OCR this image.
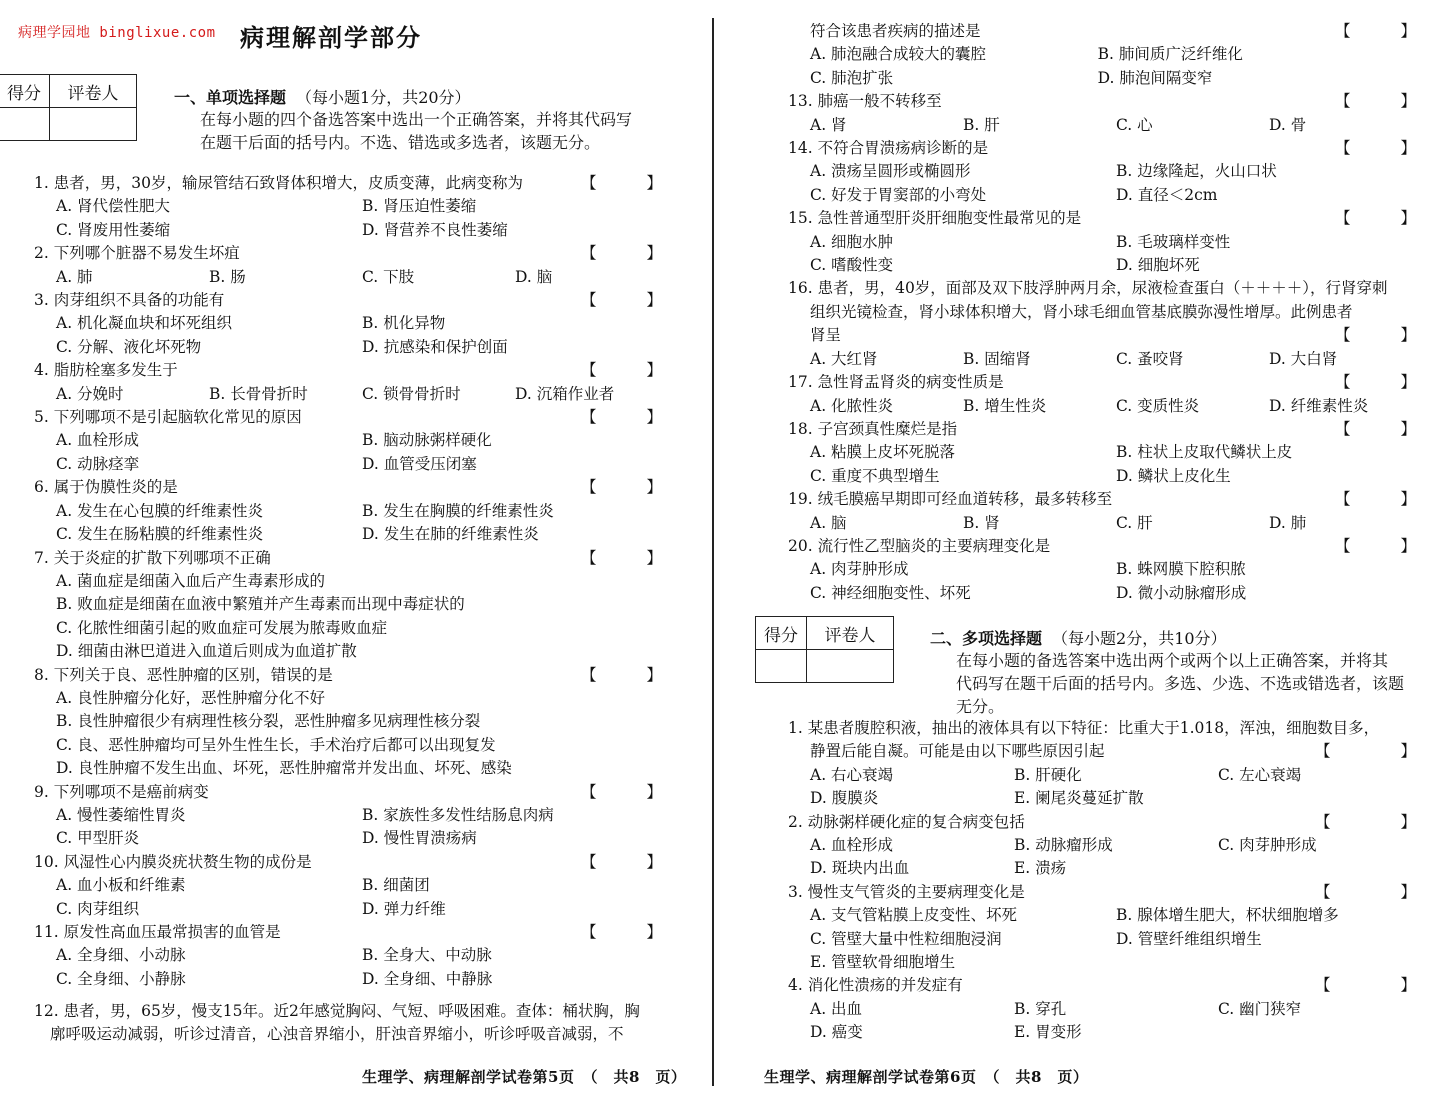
病理学园地 binglixue.com 病理解剖学部分
得分	评卷人
		一、单项选择题 （每小题1分，共20分）
在每小题的四个备选答案中选出一个正确答案，并将其代码写
在题干后面的括号内。不选、错选或多选者，该题无分。
1. 患者，男，30岁，输尿管结石致肾体积增大，皮质变薄，此病变称为	【	】
A. 肾代偿性肥大	B. 肾压迫性萎缩
C. 肾废用性萎缩	D. 肾营养不良性萎缩
2. 下列哪个脏器不易发生坏疽	【	】
A. 肺	B. 肠	C. 下肢	D. 脑
3. 肉芽组织不具备的功能有	【	】
A. 机化凝血块和坏死组织	B. 机化异物
C. 分解、液化坏死物	D. 抗感染和保护创面
4. 脂肪栓塞多发生于	【	】
A. 分娩时	B. 长骨骨折时	C. 锁骨骨折时	D. 沉箱作业者
5. 下列哪项不是引起脑软化常见的原因	【	】
A. 血栓形成	B. 脑动脉粥样硬化
C. 动脉痉挛	D. 血管受压闭塞
6. 属于伪膜性炎的是	【	】
A. 发生在心包膜的纤维素性炎	B. 发生在胸膜的纤维素性炎
C. 发生在肠粘膜的纤维素性炎	D. 发生在肺的纤维素性炎
7. 关于炎症的扩散下列哪项不正确	【	】
A. 菌血症是细菌入血后产生毒素形成的
B. 败血症是细菌在血液中繁殖并产生毒素而出现中毒症状的
C. 化脓性细菌引起的败血症可发展为脓毒败血症
D. 细菌由淋巴道进入血道后则成为血道扩散
8. 下列关于良、恶性肿瘤的区别，错误的是	【	】
A. 良性肿瘤分化好，恶性肿瘤分化不好
B. 良性肿瘤很少有病理性核分裂，恶性肿瘤多见病理性核分裂
C. 良、恶性肿瘤均可呈外生性生长，手术治疗后都可以出现复发
D. 良性肿瘤不发生出血、坏死，恶性肿瘤常并发出血、坏死、感染
9. 下列哪项不是癌前病变	【	】
A. 慢性萎缩性胃炎	B. 家族性多发性结肠息肉病
C. 甲型肝炎	D. 慢性胃溃疡病
10. 风湿性心内膜炎疣状赘生物的成份是	【	】
A. 血小板和纤维素	B. 细菌团
C. 肉芽组织	D. 弹力纤维
11. 原发性高血压最常损害的血管是	【	】
A. 全身细、小动脉	B. 全身大、中动脉
C. 全身细、小静脉	D. 全身细、中静脉
12. 患者，男，65岁，慢支15年。近2年感觉胸闷、气短、呼吸困难。查体：桶状胸，胸
廓呼吸运动减弱，听诊过清音，心浊音界缩小，肝浊音界缩小，听诊呼吸音减弱，不
符合该患者疾病的描述是	【	】
A. 肺泡融合成较大的囊腔	B. 肺间质广泛纤维化
C. 肺泡扩张	D. 肺泡间隔变窄
13. 肺癌一般不转移至	【	】
A. 肾	B. 肝	C. 心	D. 骨
14. 不符合胃溃疡病诊断的是	【	】
A. 溃疡呈圆形或椭圆形	B. 边缘隆起，火山口状
C. 好发于胃窦部的小弯处	D. 直径＜2cm
15. 急性普通型肝炎肝细胞变性最常见的是	【	】
A. 细胞水肿	B. 毛玻璃样变性
C. 嗜酸性变	D. 细胞坏死
16. 患者，男，40岁，面部及双下肢浮肿两月余，尿液检查蛋白（＋＋＋＋），行肾穿刺
组织光镜检查，肾小球体积增大，肾小球毛细血管基底膜弥漫性增厚。此例患者
肾呈	【	】
A. 大红肾	B. 固缩肾	C. 蚤咬肾	D. 大白肾
17. 急性肾盂肾炎的病变性质是	【	】
A. 化脓性炎	B. 增生性炎	C. 变质性炎	D. 纤维素性炎
18. 子宫颈真性糜烂是指	【	】
A. 粘膜上皮坏死脱落	B. 柱状上皮取代鳞状上皮
C. 重度不典型增生	D. 鳞状上皮化生
19. 绒毛膜癌早期即可经血道转移，最多转移至	【	】
A. 脑	B. 肾	C. 肝	D. 肺
20. 流行性乙型脑炎的主要病理变化是	【	】
A. 肉芽肿形成	B. 蛛网膜下腔积脓
C. 神经细胞变性、坏死	D. 微小动脉瘤形成
得分	评卷人
		二、多项选择题 （每小题2分，共10分）
在每小题的备选答案中选出两个或两个以上正确答案，并将其
代码写在题干后面的括号内。多选、少选、不选或错选者，该题
无分。
1. 某患者腹腔积液，抽出的液体具有以下特征：比重大于1.018，浑浊，细胞数目多，
静置后能自凝。可能是由以下哪些原因引起	【	】
A. 右心衰竭	B. 肝硬化	C. 左心衰竭
D. 腹膜炎	E. 阑尾炎蔓延扩散
2. 动脉粥样硬化症的复合病变包括	【	】
A. 血栓形成	B. 动脉瘤形成	C. 肉芽肿形成
D. 斑块内出血	E. 溃疡
3. 慢性支气管炎的主要病理变化是	【	】
A. 支气管粘膜上皮变性、坏死	B. 腺体增生肥大，杯状细胞增多
C. 管壁大量中性粒细胞浸润	D. 管壁纤维组织增生
E. 管壁软骨细胞增生
4. 消化性溃疡的并发症有	【	】
A. 出血	B. 穿孔	C. 幽门狭窄
D. 癌变	E. 胃变形
生理学、病理解剖学试卷第5页　（　共8　页）	生理学、病理解剖学试卷第6页　（　共8　页）
